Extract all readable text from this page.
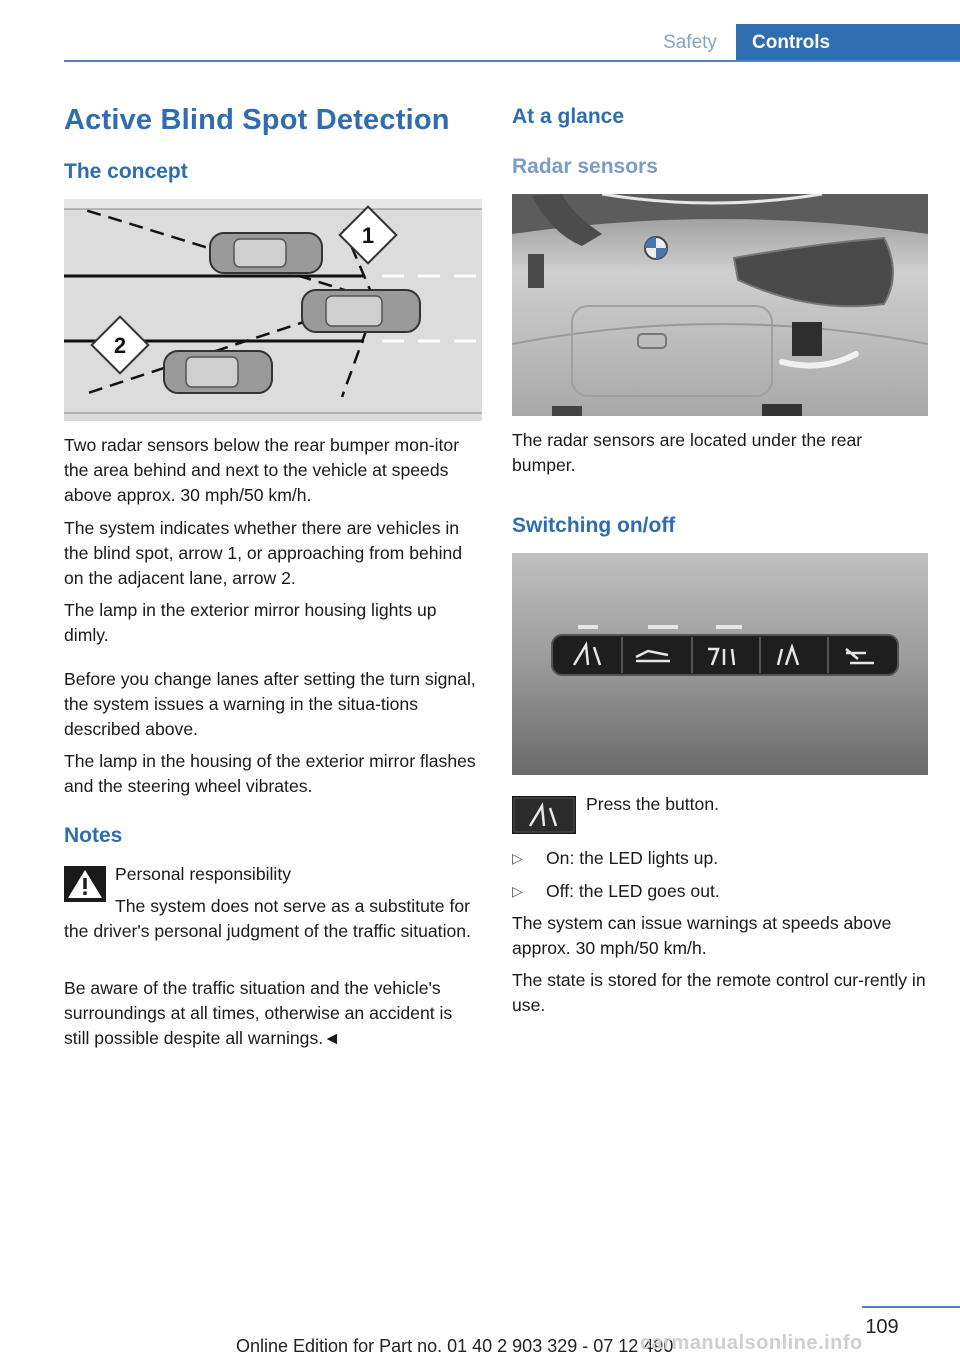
Safety	Controls
Active Blind Spot Detection
The concept
1
2

Two radar sensors below the rear bumper mon-itor the area behind and next to the vehicle at speeds above approx. 30 mph/50 km/h.

The system indicates whether there are vehicles in the blind spot, arrow 1, or approaching from behind on the adjacent lane, arrow 2.

The lamp in the exterior mirror housing lights up dimly.

Before you change lanes after setting the turn signal, the system issues a warning in the situa-tions described above.

The lamp in the housing of the exterior mirror flashes and the steering wheel vibrates.

Notes

Personal responsibility

The system does not serve as a substitute for the driver's personal judgment of the traffic situation.

Be aware of the traffic situation and the vehicle's surroundings at all times, otherwise an accident is still possible despite all warnings.◄

At a glance
Radar sensors

The radar sensors are located under the rear bumper.

Switching on/off

Press the button.

▷	On: the LED lights up.
▷	Off: the LED goes out.

The system can issue warnings at speeds above approx. 30 mph/50 km/h.

The state is stored for the remote control cur-rently in use.

109
Online Edition for Part no. 01 40 2 903 329 - 07 12 490
carmanualsonline.info
